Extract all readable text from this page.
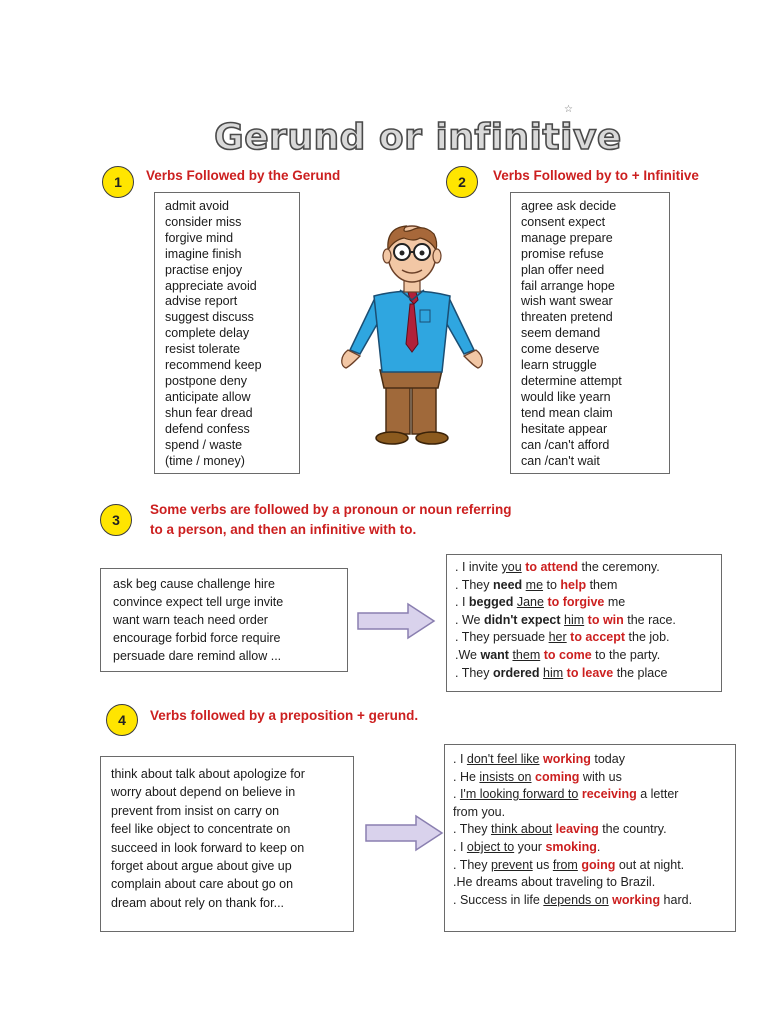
☆
Gerund or infinitive
1	Verbs Followed by the Gerund
admit avoid
consider miss
forgive mind
imagine finish
practise enjoy
appreciate avoid
advise report
suggest discuss
complete delay
resist tolerate
recommend keep
postpone deny
anticipate allow
shun fear dread
defend confess
spend / waste
(time / money)
2	Verbs Followed by to + Infinitive
agree ask decide
consent expect
manage prepare
promise refuse
plan offer need
fail arrange hope
wish want swear
threaten pretend
seem demand
come deserve
learn struggle
determine attempt
would like yearn
tend mean claim
hesitate appear
can /can't afford
can /can't wait
3
Some verbs are followed by a pronoun or noun referring
to a person, and then an infinitive with to.
ask beg cause challenge hire
convince expect tell urge invite
want warn teach need order
encourage forbid force require
persuade dare remind allow ...
. I invite you to attend the ceremony.
. They need me to help them
. I begged Jane to forgive me
. We didn't expect him to win the race.
. They persuade her to accept the job.
.We want them to come to the party.
. They ordered him to leave the place
4	Verbs followed by a preposition + gerund.
think about talk about apologize for
worry about depend on believe in
prevent from insist on carry on
feel like object to concentrate on
succeed in look forward to keep on
forget about argue about give up
complain about care about go on
dream about rely on thank for...
. I don't feel like working today
. He insists on coming with us
. I'm looking forward to receiving a letter
from you.
. They think about leaving the country.
. I object to your smoking.
. They prevent us from going out at night.
.He dreams about traveling to Brazil.
. Success in life depends on working hard.
